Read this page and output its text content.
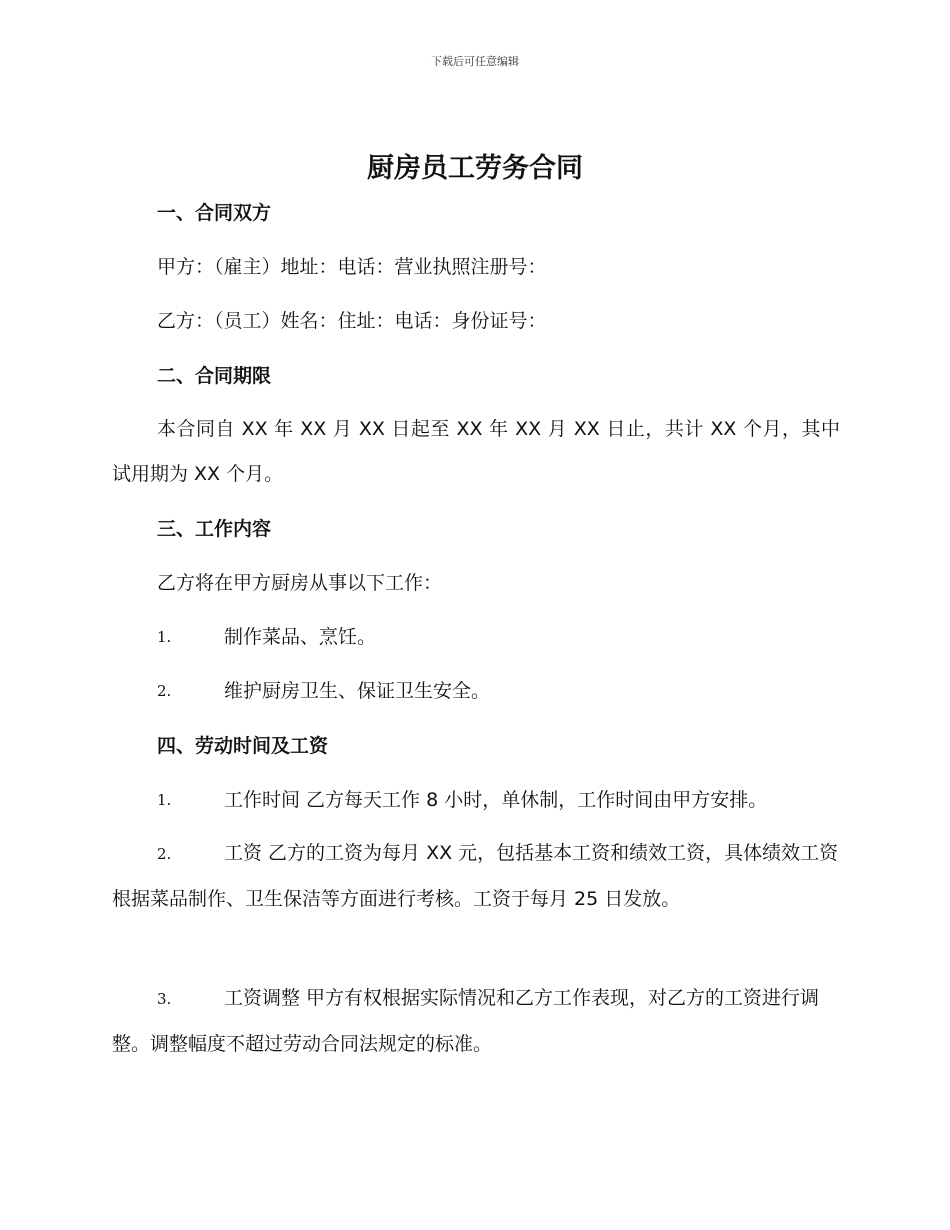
下载后可任意编辑
厨房员工劳务合同
一、合同双方
甲方：（雇主）地址：电话：营业执照注册号：
乙方：（员工）姓名：住址：电话：身份证号：
二、合同期限

本合同自 XX 年 XX 月 XX 日起至 XX 年 XX 月 XX 日止，共计 XX 个月，其中试用期为 XX 个月。

三、工作内容
乙方将在甲方厨房从事以下工作：
1.	制作菜品、烹饪。
2.	维护厨房卫生、保证卫生安全。
四、劳动时间及工资
1.	工作时间 乙方每天工作 8 小时，单休制，工作时间由甲方安排。

2.	工资 乙方的工资为每月 XX 元，包括基本工资和绩效工资，具体绩效工资根据菜品制作、卫生保洁等方面进行考核。工资于每月 25 日发放。

3.	工资调整 甲方有权根据实际情况和乙方工作表现，对乙方的工资进行调整。调整幅度不超过劳动合同法规定的标准。
